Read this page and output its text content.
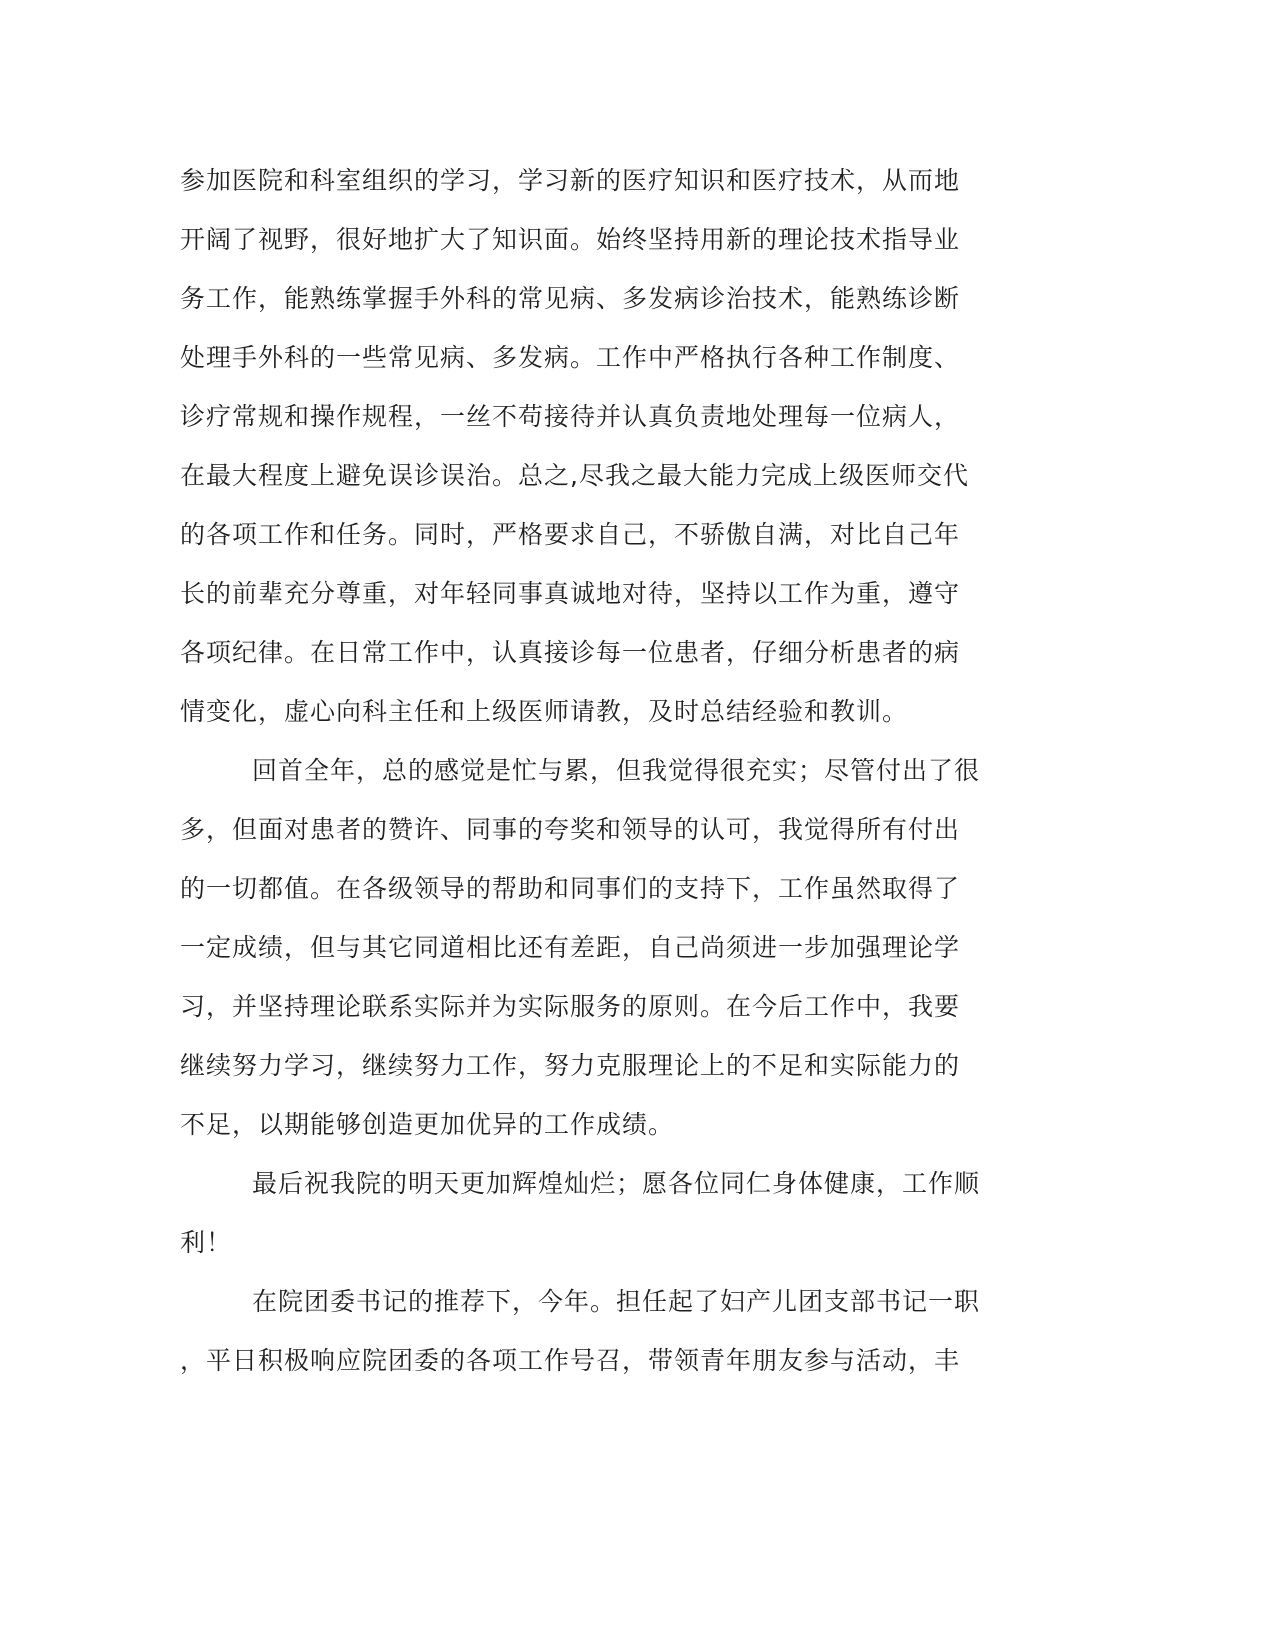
参加医院和科室组织的学习，学习新的医疗知识和医疗技术，从而地
开阔了视野，很好地扩大了知识面。始终坚持用新的理论技术指导业
务工作，能熟练掌握手外科的常见病、多发病诊治技术，能熟练诊断
处理手外科的一些常见病、多发病。工作中严格执行各种工作制度、
诊疗常规和操作规程，一丝不苟接待并认真负责地处理每一位病人，
在最大程度上避免误诊误治。总之,尽我之最大能力完成上级医师交代
的各项工作和任务。同时，严格要求自己，不骄傲自满，对比自己年
长的前辈充分尊重，对年轻同事真诚地对待，坚持以工作为重，遵守
各项纪律。在日常工作中，认真接诊每一位患者，仔细分析患者的病
情变化，虚心向科主任和上级医师请教，及时总结经验和教训。
回首全年，总的感觉是忙与累，但我觉得很充实；尽管付出了很
多，但面对患者的赞许、同事的夸奖和领导的认可，我觉得所有付出
的一切都值。在各级领导的帮助和同事们的支持下，工作虽然取得了
一定成绩，但与其它同道相比还有差距，自己尚须进一步加强理论学
习，并坚持理论联系实际并为实际服务的原则。在今后工作中，我要
继续努力学习，继续努力工作，努力克服理论上的不足和实际能力的
不足，以期能够创造更加优异的工作成绩。
最后祝我院的明天更加辉煌灿烂；愿各位同仁身体健康，工作顺
利！
在院团委书记的推荐下，今年。担任起了妇产儿团支部书记一职
，平日积极响应院团委的各项工作号召，带领青年朋友参与活动，丰
